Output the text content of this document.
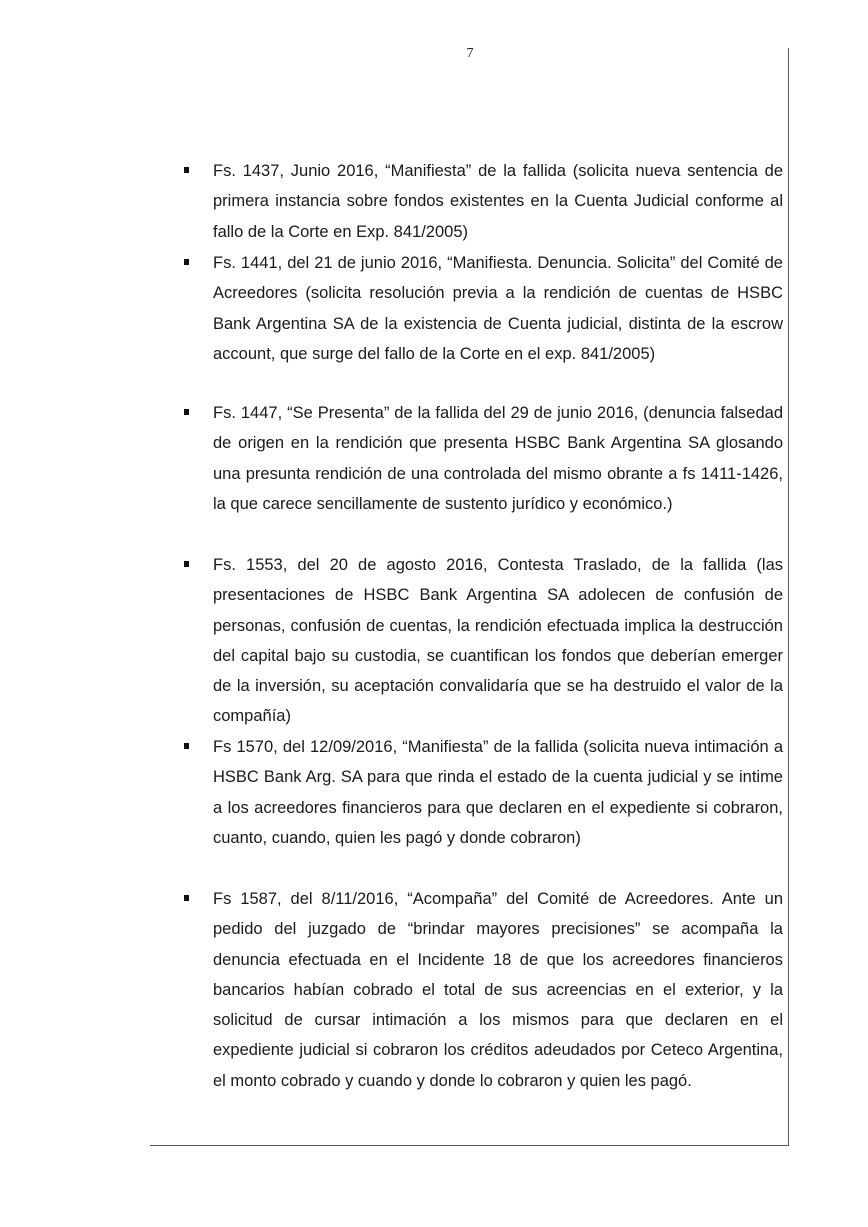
7

Fs. 1437, Junio 2016, “Manifiesta” de la fallida (solicita nueva sentencia de primera instancia sobre fondos existentes en la Cuenta Judicial conforme al fallo de la Corte en Exp. 841/2005)

Fs. 1441, del 21 de junio 2016, “Manifiesta. Denuncia. Solicita” del Comité de Acreedores (solicita resolución previa a la rendición de cuentas de HSBC Bank Argentina SA de la existencia de Cuenta judicial, distinta de la escrow account, que surge del fallo de la Corte en el exp. 841/2005)

Fs. 1447, “Se Presenta” de la fallida del 29 de junio 2016, (denuncia falsedad de origen en la rendición que presenta HSBC Bank Argentina SA glosando una presunta rendición de una controlada del mismo obrante a fs 1411-1426, la que carece sencillamente de sustento jurídico y económico.)

Fs. 1553, del 20 de agosto 2016, Contesta Traslado, de la fallida (las presentaciones de HSBC Bank Argentina SA adolecen de confusión de personas, confusión de cuentas, la rendición efectuada implica la destrucción del capital bajo su custodia, se cuantifican los fondos que deberían emerger de la inversión, su aceptación convalidaría que se ha destruido el valor de la compañía)

Fs 1570, del 12/09/2016, “Manifiesta” de la fallida (solicita nueva intimación a HSBC Bank Arg. SA para que rinda el estado de la cuenta judicial y se intime a los acreedores financieros para que declaren en el expediente si cobraron, cuanto, cuando, quien les pagó y donde cobraron)

Fs 1587, del 8/11/2016, “Acompaña” del Comité de Acreedores. Ante un pedido del juzgado de “brindar mayores precisiones” se acompaña la denuncia efectuada en el Incidente 18 de que los acreedores financieros bancarios habían cobrado el total de sus acreencias en el exterior, y la solicitud de cursar intimación a los mismos para que declaren en el expediente judicial si cobraron los créditos adeudados por Ceteco Argentina, el monto cobrado y cuando y donde lo cobraron y quien les pagó.
